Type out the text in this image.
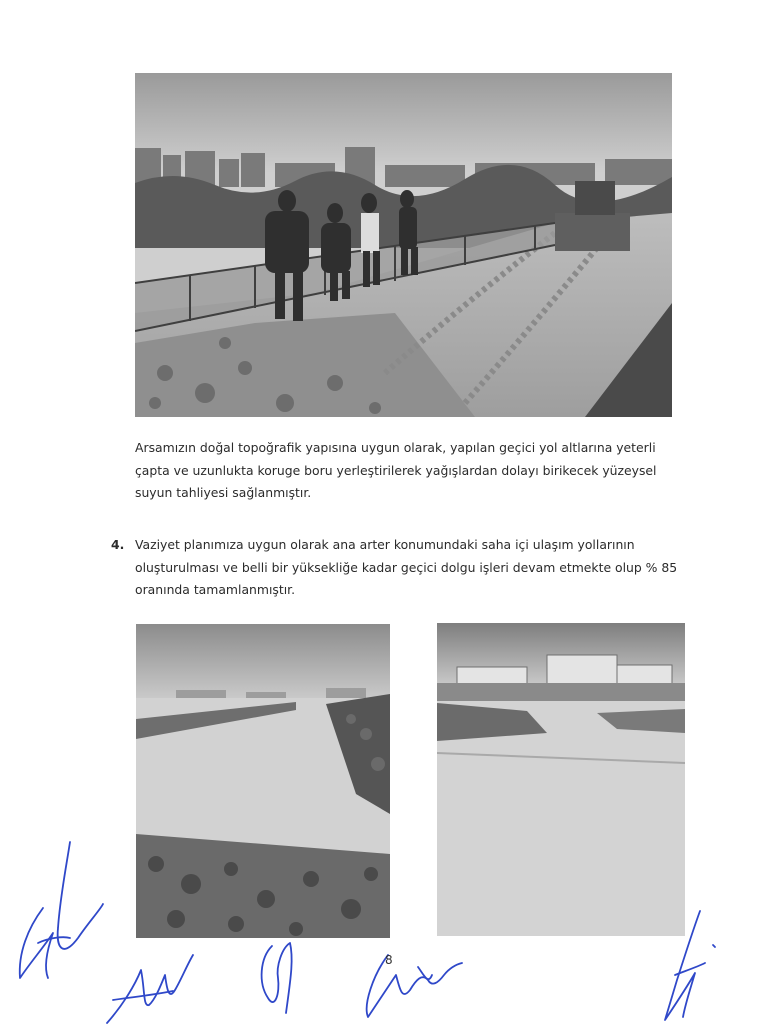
Arsamızın doğal topoğrafik yapısına uygun olarak, yapılan geçici yol altlarına yeterli
çapta ve uzunlukta koruge boru yerleştirilerek yağışlardan dolayı birikecek yüzeysel
suyun tahliyesi sağlanmıştır.
4. Vaziyet planımıza uygun olarak ana arter konumundaki saha içi ulaşım yollarının
oluşturulması ve belli bir yüksekliğe kadar geçici dolgu işleri devam etmekte olup % 85
oranında tamamlanmıştır.
8
